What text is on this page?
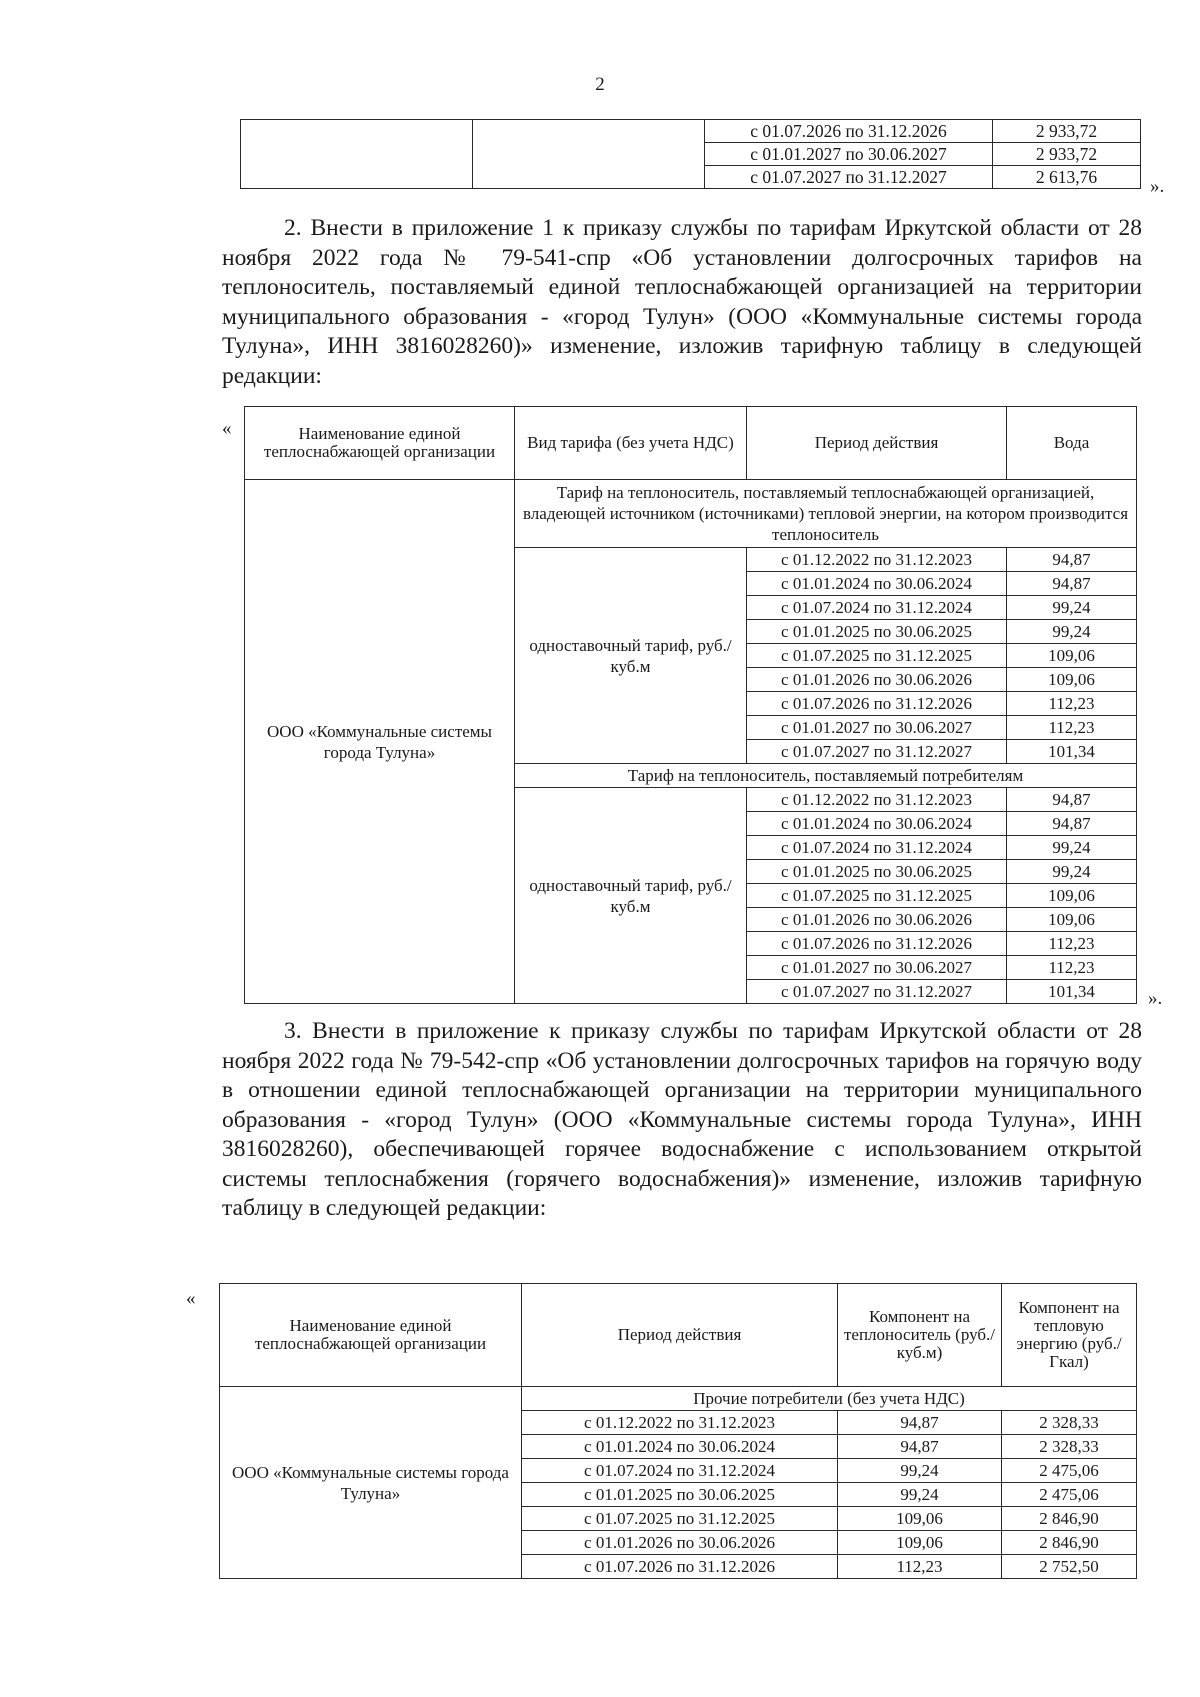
2
		с 01.07.2026 по 31.12.2026	2 933,72
		с 01.01.2027 по 30.06.2027	2 933,72
		с 01.07.2027 по 31.12.2027	2 613,76	».

2. Внести в приложение 1 к приказу службы по тарифам Иркутской области от 28 ноября 2022 года № 79-541-спр «Об установлении долгосрочных тарифов на теплоноситель, поставляемый единой теплоснабжающей организацией на территории муниципального образования - «город Тулун» (ООО «Коммунальные системы города Тулуна», ИНН 3816028260)» изменение, изложив тарифную таблицу в следующей редакции:

«	Наименование единой теплоснабжающей организации	Вид тарифа (без учета НДС)	Период действия	Вода
ООО «Коммунальные системы города Тулуна»	Тариф на теплоноситель, поставляемый теплоснабжающей организацией, владеющей источником (источниками) тепловой энергии, на котором производится теплоноситель		
	одноставочный тариф, руб./куб.м	с 01.12.2022 по 31.12.2023	94,87
		с 01.01.2024 по 30.06.2024	94,87
		с 01.07.2024 по 31.12.2024	99,24
		с 01.01.2025 по 30.06.2025	99,24
		с 01.07.2025 по 31.12.2025	109,06
		с 01.01.2026 по 30.06.2026	109,06
		с 01.07.2026 по 31.12.2026	112,23
		с 01.01.2027 по 30.06.2027	112,23
		с 01.07.2027 по 31.12.2027	101,34
	Тариф на теплоноситель, поставляемый потребителям		
	одноставочный тариф, руб./куб.м	с 01.12.2022 по 31.12.2023	94,87
		с 01.01.2024 по 30.06.2024	94,87
		с 01.07.2024 по 31.12.2024	99,24
		с 01.01.2025 по 30.06.2025	99,24
		с 01.07.2025 по 31.12.2025	109,06
		с 01.01.2026 по 30.06.2026	109,06
		с 01.07.2026 по 31.12.2026	112,23
		с 01.01.2027 по 30.06.2027	112,23
		с 01.07.2027 по 31.12.2027	101,34	».

3. Внести в приложение к приказу службы по тарифам Иркутской области от 28 ноября 2022 года № 79-542-спр «Об установлении долгосрочных тарифов на горячую воду в отношении единой теплоснабжающей организации на территории муниципального образования - «город Тулун» (ООО «Коммунальные системы города Тулуна», ИНН 3816028260), обеспечивающей горячее водоснабжение с использованием открытой системы теплоснабжения (горячего водоснабжения)» изменение, изложив тарифную таблицу в следующей редакции:

«
Наименование единой теплоснабжающей организации	Период действия	Компонент на теплоноситель (руб./куб.м)	Компонент на тепловую энергию (руб./Гкал)
ООО «Коммунальные системы города Тулуна»	Прочие потребители (без учета НДС)		
	с 01.12.2022 по 31.12.2023	94,87	2 328,33
	с 01.01.2024 по 30.06.2024	94,87	2 328,33
	с 01.07.2024 по 31.12.2024	99,24	2 475,06
	с 01.01.2025 по 30.06.2025	99,24	2 475,06
	с 01.07.2025 по 31.12.2025	109,06	2 846,90
	с 01.01.2026 по 30.06.2026	109,06	2 846,90
	с 01.07.2026 по 31.12.2026	112,23	2 752,50
